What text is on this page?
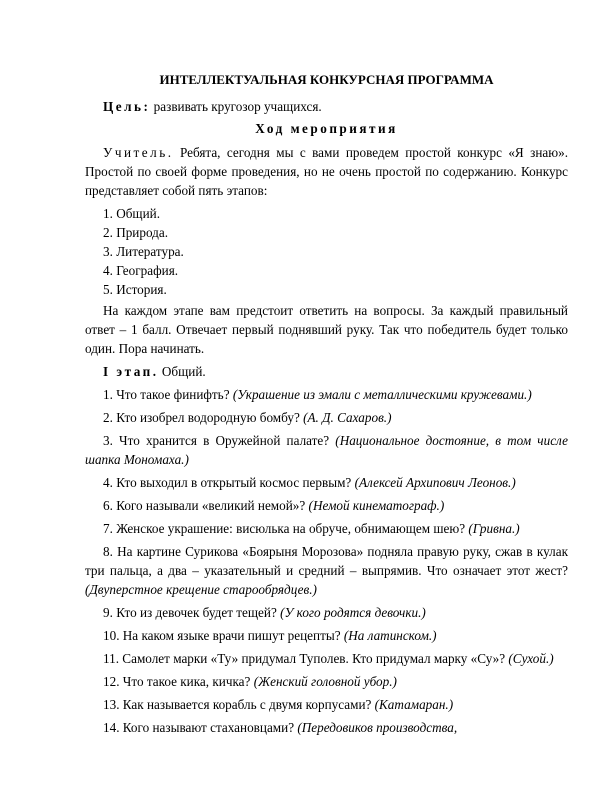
ИНТЕЛЛЕКТУАЛЬНАЯ КОНКУРСНАЯ ПРОГРАММА

Цель: развивать кругозор учащихся.

Ход мероприятия

Учитель. Ребята, сегодня мы с вами проведем простой конкурс «Я знаю». Простой по своей форме проведения, но не очень простой по содержанию. Конкурс представляет собой пять этапов:

1. Общий.

2. Природа.

3. Литература.

4. География.

5. История.

На каждом этапе вам предстоит ответить на вопросы. За каждый правильный ответ – 1 балл. Отвечает первый поднявший руку. Так что победитель будет только один. Пора начинать.

I этап. Общий.

1. Что такое финифть? (Украшение из эмали с металлическими кружевами.)

2. Кто изобрел водородную бомбу? (А. Д. Сахаров.)

3. Что хранится в Оружейной палате? (Национальное достояние, в том числе шапка Мономаха.)

4. Кто выходил в открытый космос первым? (Алексей Архипович Леонов.)

6. Кого называли «великий немой»? (Немой кинематограф.)

7. Женское украшение: висюлька на обруче, обнимающем шею? (Гривна.)

8. На картине Сурикова «Боярыня Морозова» подняла правую руку, сжав в кулак три пальца, а два – указательный и средний – выпрямив. Что означает этот жест? (Двуперстное крещение старообрядцев.)

9. Кто из девочек будет тещей? (У кого родятся девочки.)

10. На каком языке врачи пишут рецепты? (На латинском.)

11. Самолет марки «Ту» придумал Туполев. Кто придумал марку «Су»? (Сухой.)

12. Что такое кика, кичка? (Женский головной убор.)

13. Как называется корабль с двумя корпусами? (Катамаран.)

14. Кого называют стахановцами? (Передовиков производства,
